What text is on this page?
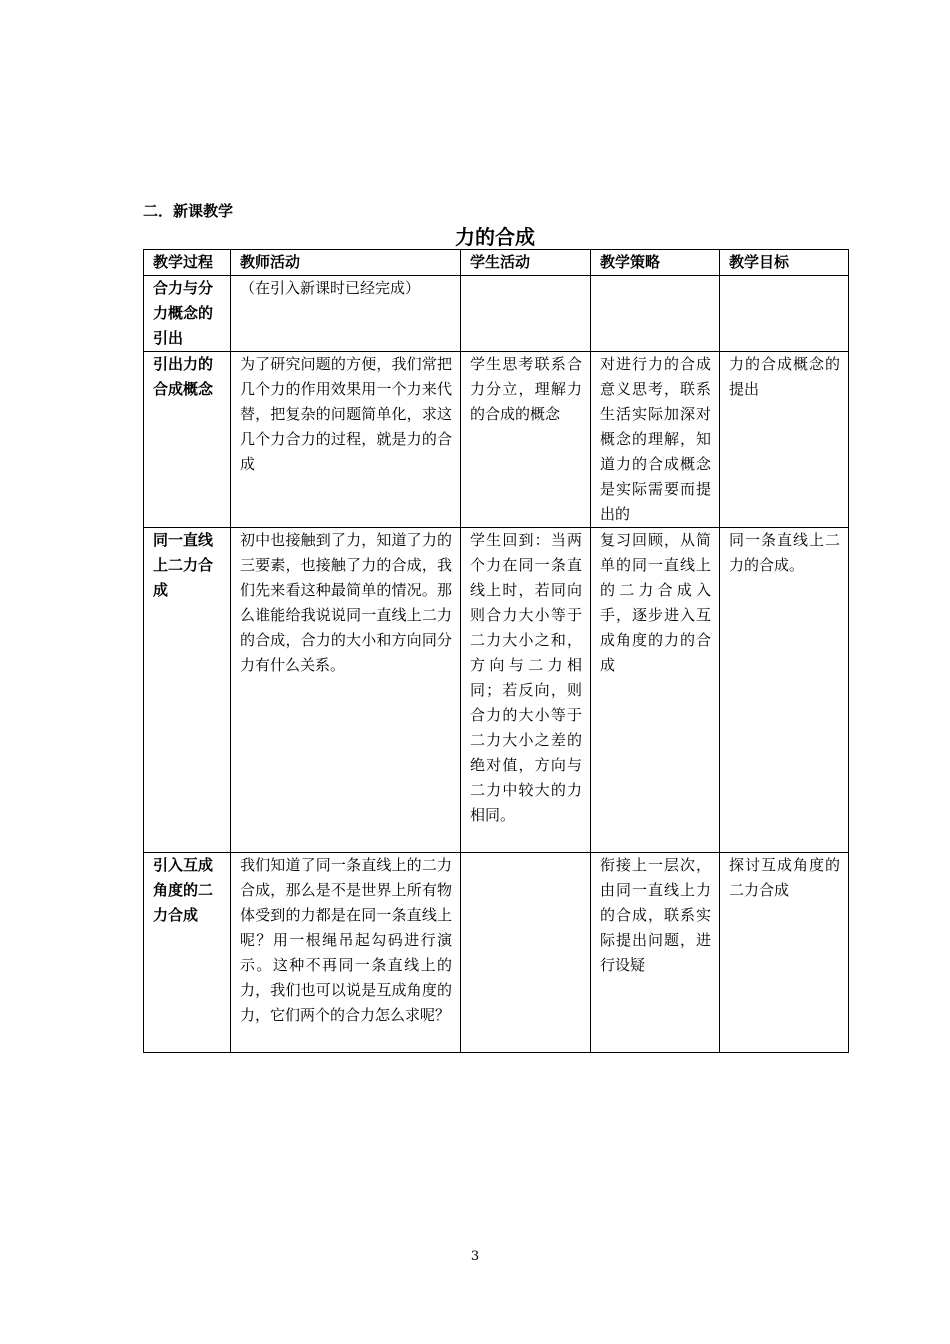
二．新课教学
力的合成
教学过程	教师活动	学生活动	教学策略	教学目标
合力与分力概念的引出	（在引入新课时已经完成）			
引出力的合成概念	为了研究问题的方便，我们常把几个力的作用效果用一个力来代替，把复杂的问题简单化，求这几个力合力的过程，就是力的合成	学生思考联系合力分立，理解力的合成的概念	对进行力的合成意义思考，联系生活实际加深对概念的理解，知道力的合成概念是实际需要而提出的	力的合成概念的提出
同一直线上二力合成	初中也接触到了力，知道了力的三要素，也接触了力的合成，我们先来看这种最简单的情况。那么谁能给我说说同一直线上二力的合成，合力的大小和方向同分力有什么关系。	学生回到：当两个力在同一条直线上时，若同向则合力大小等于二力大小之和，方向与二力相同；若反向，则合力的大小等于二力大小之差的绝对值，方向与二力中较大的力相同。	复习回顾，从简单的同一直线上的二力合成入手，逐步进入互成角度的力的合成	同一条直线上二力的合成。
引入互成角度的二力合成	我们知道了同一条直线上的二力合成，那么是不是世界上所有物体受到的力都是在同一条直线上呢？用一根绳吊起勾码进行演示。这种不再同一条直线上的力，我们也可以说是互成角度的力，它们两个的合力怎么求呢？		衔接上一层次，由同一直线上力的合成，联系实际提出问题，进行设疑	探讨互成角度的二力合成
3
